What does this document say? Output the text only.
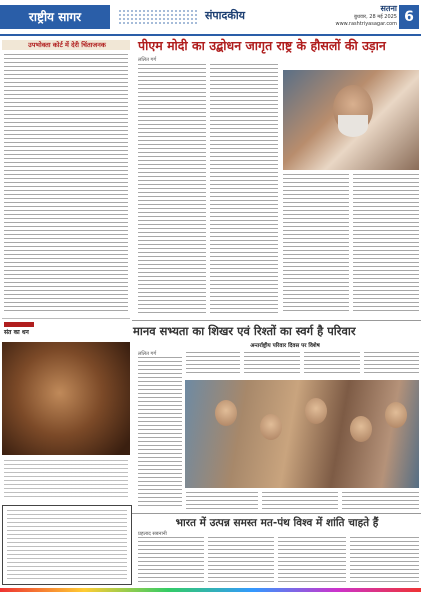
राष्ट्रीय सागर	संपादकीय
सतना
बुधवार, 28 मई 2025
www.rashtriyasagar.com 6
उपभोक्ता कोर्ट में देरी चिंताजनक
संत का धन
पीएम मोदी का उद्बोधन जागृत राष्ट्र के हौसलों की उड़ान
ललित गर्ग
मानव सभ्यता का शिखर एवं रिश्तों का स्वर्ग है परिवार
अन्तर्राष्ट्रीय परिवार दिवस पर विशेष
ललित गर्ग
भारत में उत्पन्न समस्त मत-पंथ विश्व में शांति चाहते हैं
प्रहलाद सबनानी
